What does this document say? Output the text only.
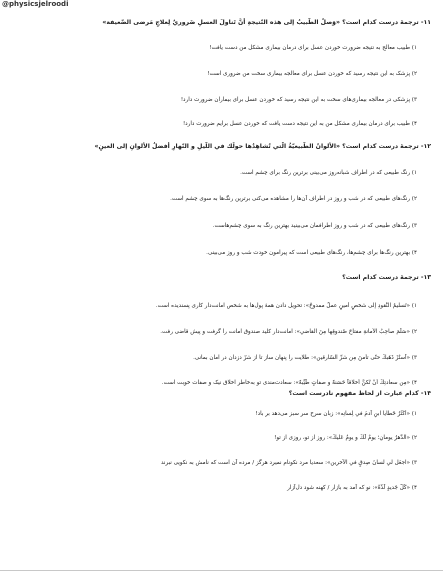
@physicsjelroodi
۱۱- ترجمهٔ درست کدام است؟ «وَصلُ الطّبيبُ إلى هذه النّتيجةِ أنَّ تَناولَ العسلِ ضَروريٌ لِعلاجِ مَرضى الضّعيفة»
۱) طبیب معالج به نتیجه ضرورت خوردن عسل برای درمان بیماری مشکل من دست یافت!
۲) پزشک به این نتیجه رسید که خوردن عسل برای معالجه بیماری سخت من ضروری است!
۳) پزشکی در معالجه بیماری‌های سخت به این نتیجه رسید که خوردن عسل برای بیماران ضرورت دارد!
۴) طبیب برای درمان بیماری مشکل من به این نتیجه دست یافت که خوردن عسل برایم ضرورت دارد!
۱۲- ترجمهٔ درست کدام است؟ «الألوانُ الطّبيعيّةُ الّتي تُشاهِدُها حولَك في اللّيلِ و النّهارِ أفضلُ الألوانِ إلى العينِ»
۱) رنگ طبیعی که در اطراف شبانه‌روز می‌بینی برترین رنگ برای چشم است.
۲) رنگ‌های طبیعی که در شب و روز در اطراف آن‌ها را مشاهده می‌کنی برترین رنگ‌ها به سوی چشم است.
۳) رنگ‌های طبیعی که در شب و روز اطرافمان می‌بینید بهترین رنگ به سوی چشم‌هاست.
۴) بهترین رنگ‌ها برای چشم‌ها، رنگ‌های طبیعی است که پیرامون خودت شب و روز می‌بینی.
۱۳- ترجمهٔ درست کدام است؟
۱) «تَسليمُ النُّقودِ إلى شخصٍ أمينٍ عملٌ ممدوحٌ»: تحویل دادن همهٔ پول‌ها به شخص امانت‌دار کاری پسندیده است.
۲) «سَلَّمَ صاحِبُ الأمانةِ مفتاحَ صُندوقِها مِنَ القاضي»: امانت‌دار کلید صندوق امانت را گرفت و پیش قاضی رفت.
۳) «اُستُرْ ذَهَبكَ حتّى تأمنَ مِن شرِّ السّارقين»: طلایت را پنهان ساز تا از شرّ دزدان در امان بمانی.
۴) «مِن سعادتِكَ أنْ تُكنَّ أخلاقاً حَسَنةً و صفاتٍ طَيِّبةً»: سعادت‌مندی تو به‌خاطر اخلاق نیک و صفات خوبت است.
۱۴- کدام عبارت از لحاظ مفهوم نادرست است؟
۱) «أكْثَرُ خَطايا ابنِ آدمَ في لِسانِه»: زبان سرخ سر سبز می‌دهد بر باد!
۲) «الدَّهرُ يومانِ؛ يومٌ لَكَ و يومٌ عَليكَ»: روز از تو، روزی از تو!
۳) «اجعَل لي لسانَ صِدقٍ في الآخرين»: سعدیا مرد نکونام نمیرد هرگز / مرده آن است که نامش به نکویی نبرند
۴) «كُلُّ جَديدٍ لَذّةٌ»: نو که آمد به بازار / کهنه شود دل‌آزار
